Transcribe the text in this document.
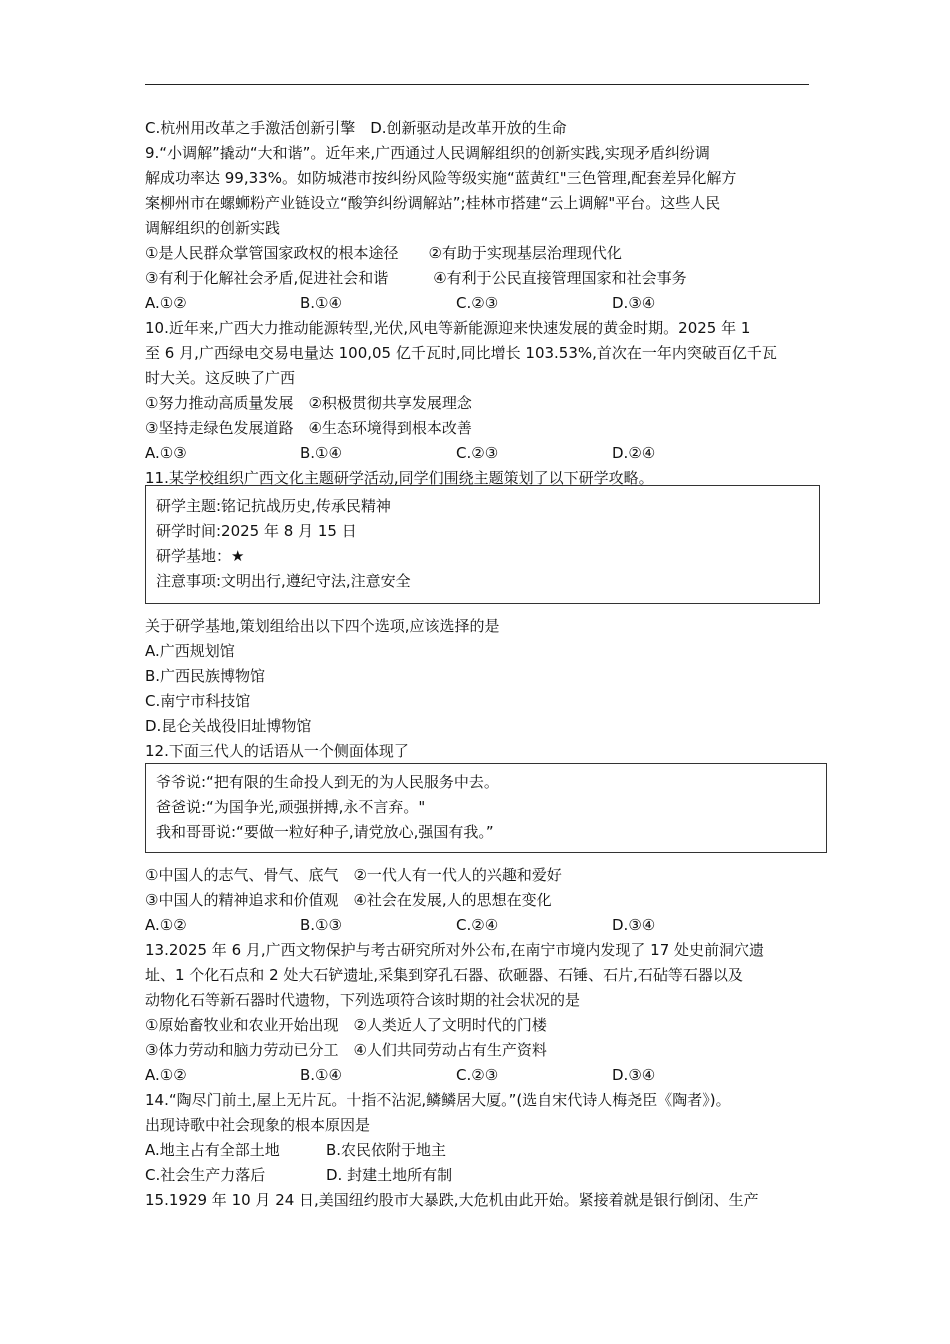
C.杭州用改革之手激活创新引擎　D.创新驱动是改革开放的生命
9.“小调解”撬动“大和谐”。近年来,广西通过人民调解组织的创新实践,实现矛盾纠纷调
解成功率达 99,33%。如防城港市按纠纷风险等级实施“蓝黄红"三色管理,配套差异化解方
案柳州市在螺蛳粉产业链设立“酸笋纠纷调解站”;桂林市搭建“云上调解"平台。这些人民
调解组织的创新实践
①是人民群众掌管国家政权的根本途径　　②有助于实现基层治理现代化
③有利于化解社会矛盾,促进社会和谐　　　④有利于公民直接管理国家和社会事务
A.①②	B.①④	C.②③	D.③④
10.近年来,广西大力推动能源转型,光伏,风电等新能源迎来快速发展的黄金时期。2025 年 1
至 6 月,广西绿电交易电量达 100,05 亿千瓦时,同比增长 103.53%,首次在一年内突破百亿千瓦
时大关。这反映了广西
①努力推动高质量发展　②积极贯彻共享发展理念
③坚持走绿色发展道路　④生态环境得到根本改善
A.①③	B.①④	C.②③	D.②④
11.某学校组织广西文化主题研学活动,同学们围绕主题策划了以下研学攻略。
研学主题:铭记抗战历史,传承民精神
研学时间:2025 年 8 月 15 日
研学基地：★
注意事项:文明出行,遵纪守法,注意安全
关于研学基地,策划组给出以下四个选项,应该选择的是
A.广西规划馆
B.广西民族博物馆
C.南宁市科技馆
D.昆仑关战役旧址博物馆
12.下面三代人的话语从一个侧面体现了
爷爷说:“把有限的生命投人到无的为人民服务中去。
爸爸说:“为国争光,顽强拼搏,永不言弃。"
我和哥哥说:“要做一粒好种子,请党放心,强国有我。”
①中国人的志气、骨气、底气　②一代人有一代人的兴趣和爱好
③中国人的精神追求和价值观　④社会在发展,人的思想在变化
A.①②	B.①③	C.②④	D.③④
13.2025 年 6 月,广西文物保护与考古研究所对外公布,在南宁市境内发现了 17 处史前洞穴遗
址、1 个化石点和 2 处大石铲遗址,采集到穿孔石器、砍砸器、石锤、石片,石砧等石器以及
动物化石等新石器时代遗物，下列选项符合该时期的社会状况的是
①原始畜牧业和农业开始出现　②人类近人了文明时代的门楼
③体力劳动和脑力劳动已分工　④人们共同劳动占有生产资料
A.①②	B.①④	C.②③	D.③④
14.“陶尽门前土,屋上无片瓦。十指不沾泥,鳞鳞居大厦。”(选自宋代诗人梅尧臣《陶者》)。
出现诗歌中社会现象的根本原因是
A.地主占有全部土地	B.农民依附于地主
C.社会生产力落后	D. 封建土地所有制
15.1929 年 10 月 24 日,美国纽约股市大暴跌,大危机由此开始。紧接着就是银行倒闭、生产
